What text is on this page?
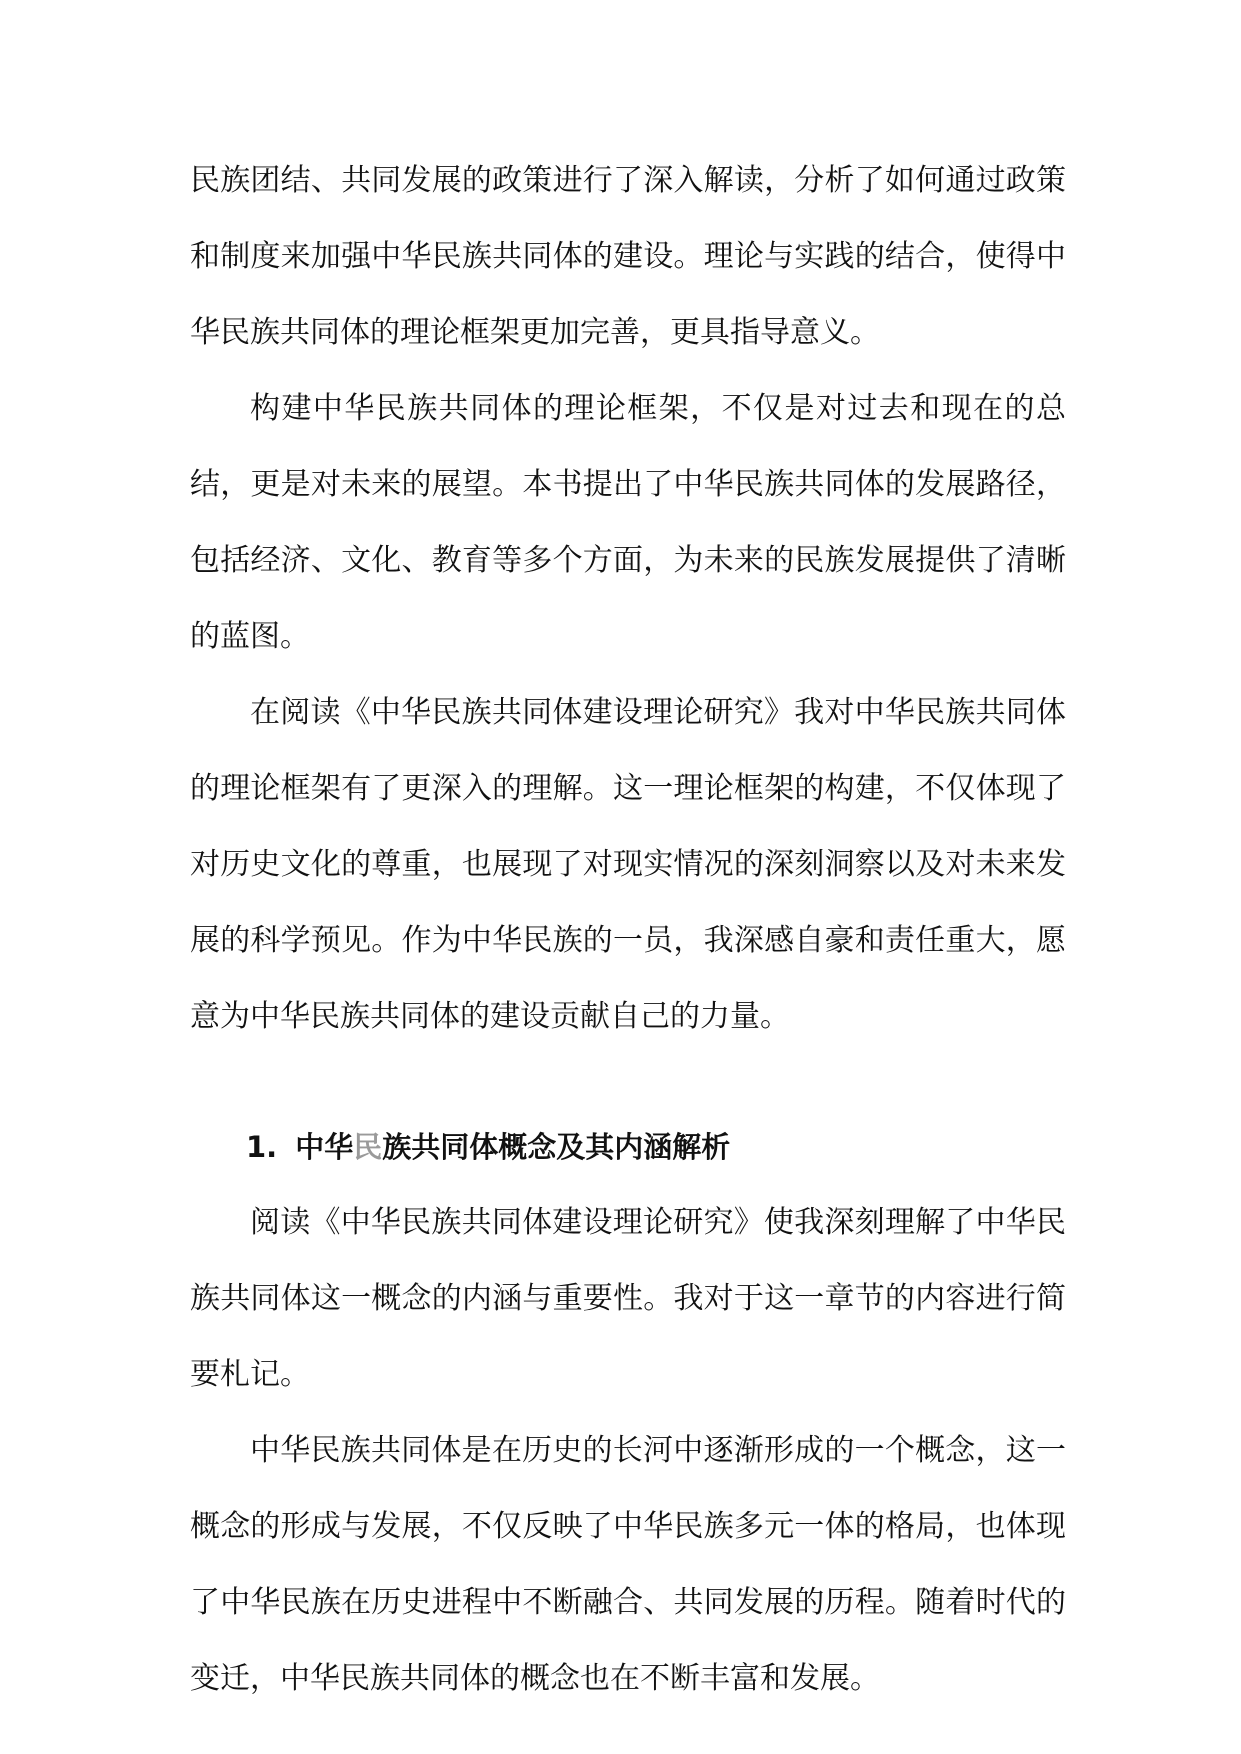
民族团结、共同发展的政策进行了深入解读，分析了如何通过政策和制度来加强中华民族共同体的建设。理论与实践的结合，使得中华民族共同体的理论框架更加完善，更具指导意义。

构建中华民族共同体的理论框架，不仅是对过去和现在的总结，更是对未来的展望。本书提出了中华民族共同体的发展路径，包括经济、文化、教育等多个方面，为未来的民族发展提供了清晰的蓝图。

在阅读《中华民族共同体建设理论研究》我对中华民族共同体的理论框架有了更深入的理解。这一理论框架的构建，不仅体现了对历史文化的尊重，也展现了对现实情况的深刻洞察以及对未来发展的科学预见。作为中华民族的一员，我深感自豪和责任重大，愿意为中华民族共同体的建设贡献自己的力量。

1. 中华民族共同体概念及其内涵解析

阅读《中华民族共同体建设理论研究》使我深刻理解了中华民族共同体这一概念的内涵与重要性。我对于这一章节的内容进行简要札记。

中华民族共同体是在历史的长河中逐渐形成的一个概念，这一概念的形成与发展，不仅反映了中华民族多元一体的格局，也体现了中华民族在历史进程中不断融合、共同发展的历程。随着时代的变迁，中华民族共同体的概念也在不断丰富和发展。
